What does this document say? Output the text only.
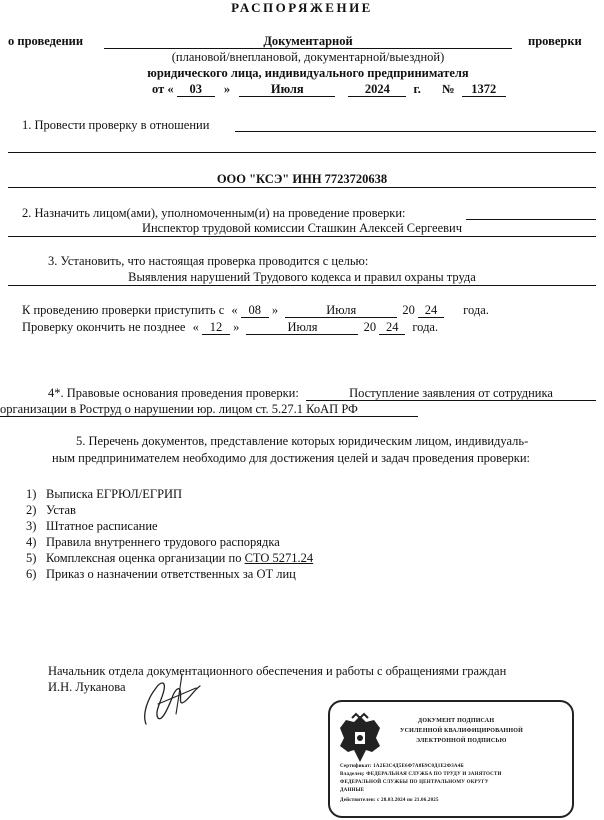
РАСПОРЯЖЕНИЕ
о проведении	Документарной	проверки
(плановой/внеплановой, документарной/выездной)
юридического лица, индивидуального предпринимателя
от « 03 »	Июля	2024 г. № 1372
1. Провести проверку в отношении
ООО "КСЭ" ИНН 7723720638
2. Назначить лицом(ами), уполномоченным(и) на проведение проверки:
Инспектор трудовой комиссии Сташкин Алексей Сергеевич
3. Установить, что настоящая проверка проводится с целью:
Выявления нарушений Трудового кодекса и правил охраны труда
К проведению проверки приступить с « 08 »	Июля	20 24 года.
Проверку окончить не позднее « 12 »	Июля	20 24 года.
4*. Правовые основания проведения проверки:	Поступление заявления от сотрудника
организации в Роструд о нарушении юр. лицом ст. 5.27.1 КоАП РФ
5. Перечень документов, представление которых юридическим лицом, индивидуаль-
ным предпринимателем необходимо для достижения целей и задач проведения проверки:
1) Выписка ЕГРЮЛ/ЕГРИП
2) Устав
3) Штатное расписание
4) Правила внутреннего трудового распорядка
5) Комплексная оценка организации по СТО 5271.24
6) Приказ о назначении ответственных за ОТ лиц
Начальник отдела документационного обеспечения и работы с обращениями граждан
И.Н. Луканова
ДОКУМЕНТ ПОДПИСАН
УСИЛЕННОЙ КВАЛИФИЦИРОВАННОЙ
ЭЛЕКТРОННОЙ ПОДПИСЬЮ
Сертификат: 1А2Б3С4Д5Е6Ф7А8Б9С0Д1Е2Ф3А4Б
Владелец: ФЕДЕРАЛЬНАЯ СЛУЖБА ПО ТРУДУ И ЗАНЯТОСТИ
ФЕДЕРАЛЬНОЙ СЛУЖБЫ ПО ЦЕНТРАЛЬНОМУ ОКРУГУ
ДАННЫЕ
Действителен: с 28.03.2024 по 21.06.2025
